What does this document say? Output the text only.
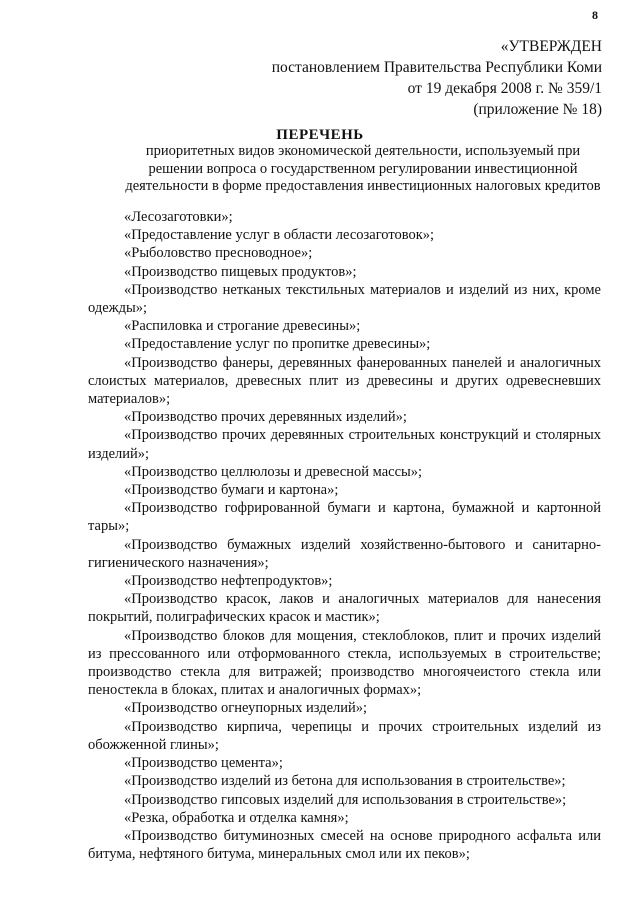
8
«УТВЕРЖДЕН
постановлением Правительства Республики Коми
от 19 декабря 2008 г. № 359/1
(приложение № 18)
ПЕРЕЧЕНЬ
приоритетных видов экономической деятельности, используемый при решении вопроса о государственном регулировании инвестиционной деятельности в форме предоставления инвестиционных налоговых кредитов

«Лесозаготовки»;

«Предоставление услуг в области лесозаготовок»;

«Рыболовство пресноводное»;

«Производство пищевых продуктов»;

«Производство нетканых текстильных материалов и изделий из них, кроме одежды»;

«Распиловка и строгание древесины»;

«Предоставление услуг по пропитке древесины»;

«Производство фанеры, деревянных фанерованных панелей и аналогичных слоистых материалов, древесных плит из древесины и других одревесневших материалов»;

«Производство прочих деревянных изделий»;

«Производство прочих деревянных строительных конструкций и столярных изделий»;

«Производство целлюлозы и древесной массы»;

«Производство бумаги и картона»;

«Производство гофрированной бумаги и картона, бумажной и картонной тары»;

«Производство бумажных изделий хозяйственно-бытового и санитарно-гигиенического назначения»;

«Производство нефтепродуктов»;

«Производство красок, лаков и аналогичных материалов для нанесения покрытий, полиграфических красок и мастик»;

«Производство блоков для мощения, стеклоблоков, плит и прочих изделий из прессованного или отформованного стекла, используемых в строительстве; производство стекла для витражей; производство многоячеистого стекла или пеностекла в блоках, плитах и аналогичных формах»;

«Производство огнеупорных изделий»;

«Производство кирпича, черепицы и прочих строительных изделий из обожженной глины»;

«Производство цемента»;

«Производство изделий из бетона для использования в строительстве»;

«Производство гипсовых изделий для использования в строительстве»;

«Резка, обработка и отделка камня»;

«Производство битуминозных смесей на основе природного асфальта или битума, нефтяного битума, минеральных смол или их пеков»;
